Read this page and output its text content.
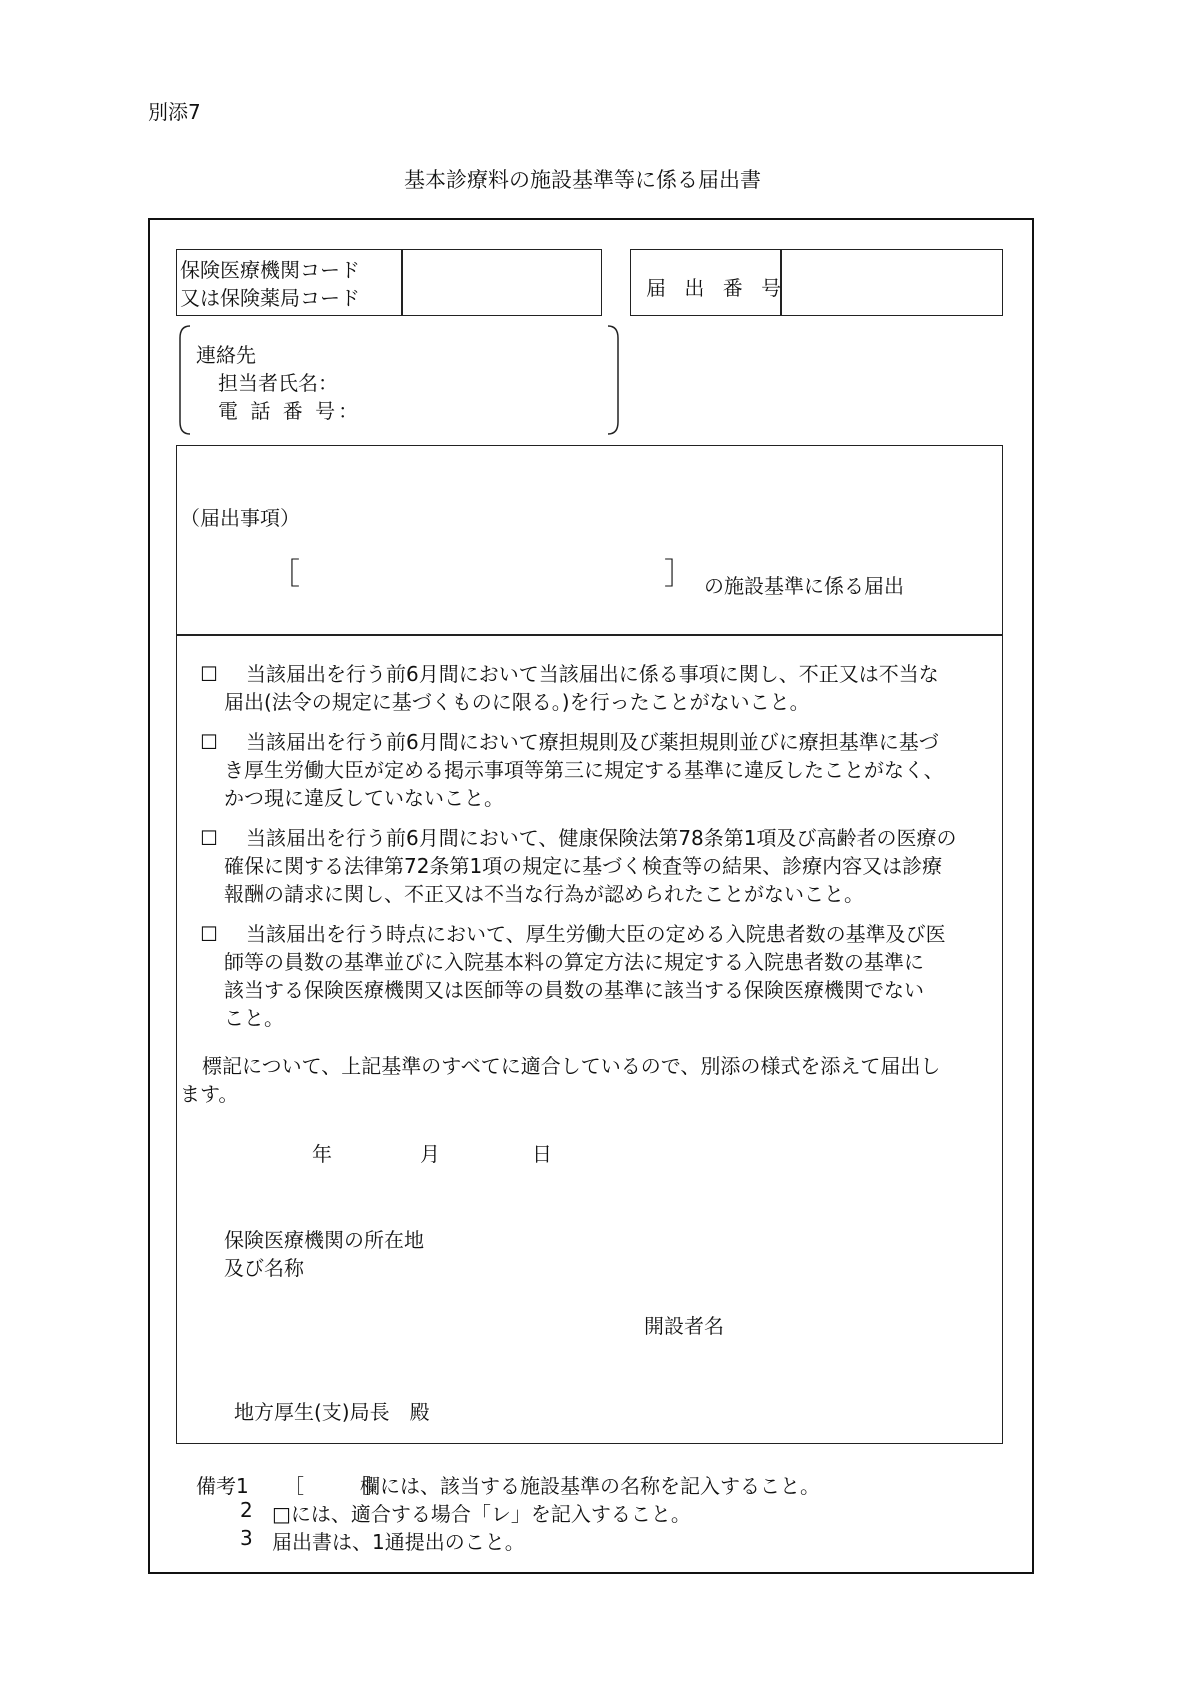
別添7
基本診療料の施設基準等に係る届出書
保険医療機関コード
又は保険薬局コード	届 出 番 号
連絡先
担当者氏名：
電 話 番 号：
（届出事項）
［	］ の施設基準に係る届出
☐ 当該届出を行う前6月間において当該届出に係る事項に関し、不正又は不当な
届出(法令の規定に基づくものに限る。)を行ったことがないこと。
☐ 当該届出を行う前6月間において療担規則及び薬担規則並びに療担基準に基づ
き厚生労働大臣が定める掲示事項等第三に規定する基準に違反したことがなく、
かつ現に違反していないこと。
☐ 当該届出を行う前6月間において、健康保険法第78条第1項及び高齢者の医療の
確保に関する法律第72条第1項の規定に基づく検査等の結果、診療内容又は診療
報酬の請求に関し、不正又は不当な行為が認められたことがないこと。
☐ 当該届出を行う時点において、厚生労働大臣の定める入院患者数の基準及び医
師等の員数の基準並びに入院基本料の算定方法に規定する入院患者数の基準に
該当する保険医療機関又は医師等の員数の基準に該当する保険医療機関でない
こと。
標記について、上記基準のすべてに適合しているので、別添の様式を添えて届出し
ます。
年	月	日
保険医療機関の所在地
及び名称
開設者名
地方厚生(支)局長　殿
備考1 ［　　　］
欄には、該当する施設基準の名称を記入すること。
2 □には、適合する場合「レ」を記入すること。
3 届出書は、1通提出のこと。
